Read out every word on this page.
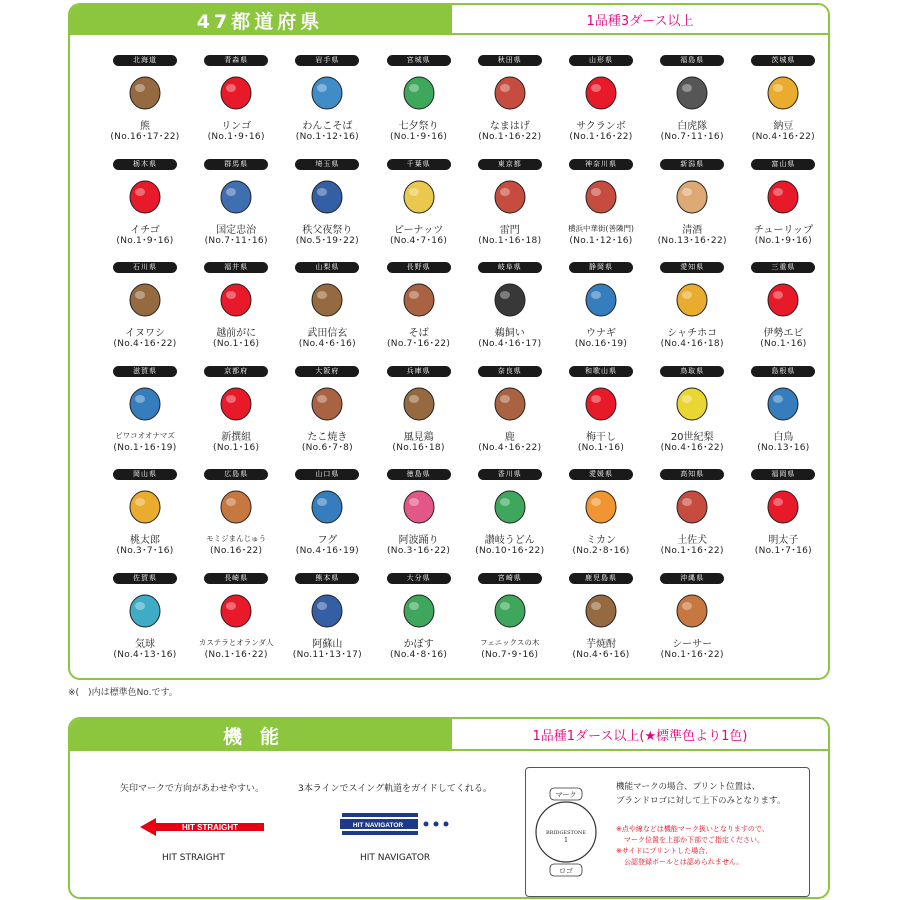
47都道府県	1品種3ダース以上
北海道
熊
(No.16･17･22)
青森県
リンゴ
(No.1･9･16)
岩手県
わんこそば
(No.1･12･16)
宮城県
七夕祭り
(No.1･9･16)
秋田県
なまはげ
(No.1･16･22)
山形県
サクランボ
(No.1･16･22)
福島県
白虎隊
(No.7･11･16)
茨城県
納豆
(No.4･16･22)
栃木県
イチゴ
(No.1･9･16)
群馬県
国定忠治
(No.7･11･16)
埼玉県
秩父夜祭り
(No.5･19･22)
千葉県
ピーナッツ
(No.4･7･16)
東京都
雷門
(No.1･16･18)
神奈川県
横浜中華街(善隣門)
(No.1･12･16)
新潟県
清酒
(No.13･16･22)
富山県
チューリップ
(No.1･9･16)
石川県
イヌワシ
(No.4･16･22)
福井県
越前がに
(No.1･16)
山梨県
武田信玄
(No.4･6･16)
長野県
そば
(No.7･16･22)
岐阜県
鵜飼い
(No.4･16･17)
静岡県
ウナギ
(No.16･19)
愛知県
シャチホコ
(No.4･16･18)
三重県
伊勢エビ
(No.1･16)
滋賀県
ビワコオオナマズ
(No.1･16･19)
京都府
新撰組
(No.1･16)
大阪府
たこ焼き
(No.6･7･8)
兵庫県
風見鶏
(No.16･18)
奈良県
鹿
(No.4･16･22)
和歌山県
梅干し
(No.1･16)
鳥取県
20世紀梨
(No.4･16･22)
島根県
白鳥
(No.13･16)
岡山県
桃太郎
(No.3･7･16)
広島県
モミジまんじゅう
(No.16･22)
山口県
フグ
(No.4･16･19)
徳島県
阿波踊り
(No.3･16･22)
香川県
讃岐うどん
(No.10･16･22)
愛媛県
ミカン
(No.2･8･16)
高知県
土佐犬
(No.1･16･22)
福岡県
明太子
(No.1･7･16)
佐賀県
気球
(No.4･13･16)
長崎県
カステラとオランダ人
(No.1･16･22)
熊本県
阿蘇山
(No.11･13･17)
大分県
かぼす
(No.4･8･16)
宮崎県
フェニックスの木
(No.7･9･16)
鹿児島県
芋焼酎
(No.4･6･16)
沖縄県
シーサー
(No.1･16･22)
※(　)内は標準色No.です。
機能	1品種1ダース以上(★標準色より1色)
矢印マークで方向があわせやすい。
HIT STRAIGHT
HIT STRAIGHT
3本ラインでスイング軌道をガイドしてくれる。
HIT NAVIGATOR
HIT NAVIGATOR
マーク
ロゴ
BRIDGESTONE
1
機能マークの場合、プリント位置は、
ブランドロゴに対して上下のみとなります。
※点や線などは機能マーク扱いとなりますので、
マーク位置を上部か下部でご指定ください。
※サイドにプリントした場合、
公認登録ボールとは認められません。
